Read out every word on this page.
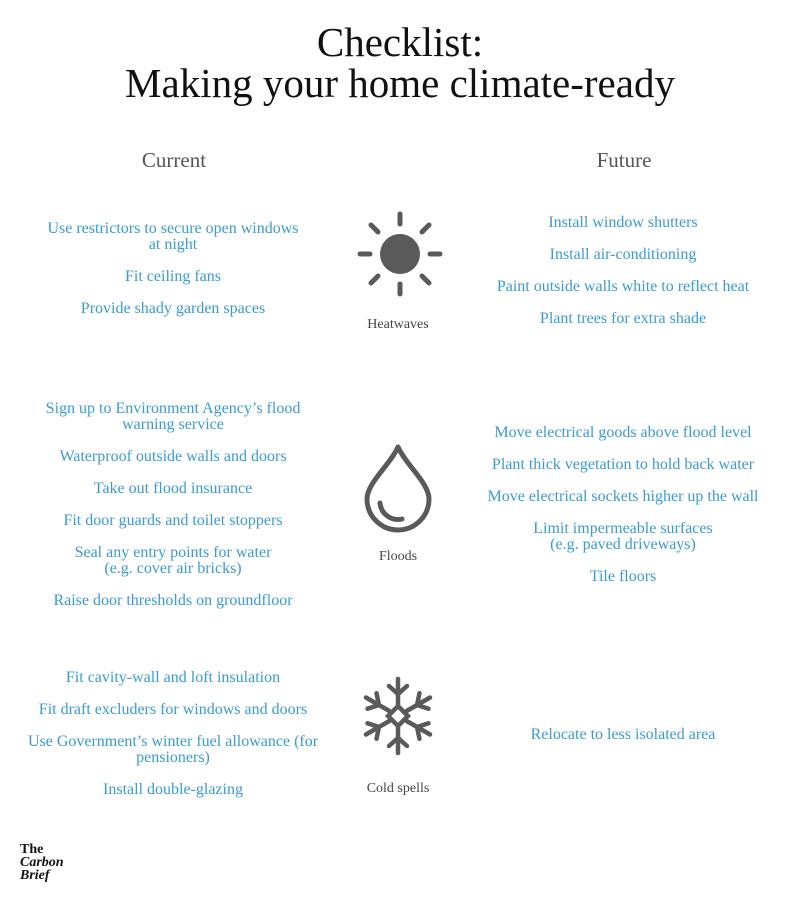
Checklist:
Making your home climate-ready
Current	Future
Use restrictors to secure open windows
at night
Fit ceiling fans
Provide shady garden spaces
Heatwaves
Install window shutters
Install air-conditioning
Paint outside walls white to reflect heat
Plant trees for extra shade
Sign up to Environment Agency’s flood
warning service
Waterproof outside walls and doors
Take out flood insurance
Fit door guards and toilet stoppers
Seal any entry points for water
(e.g. cover air bricks)
Raise door thresholds on groundfloor
Floods
Move electrical goods above flood level
Plant thick vegetation to hold back water
Move electrical sockets higher up the wall
Limit impermeable surfaces
(e.g. paved driveways)
Tile floors
Fit cavity-wall and loft insulation
Fit draft excluders for windows and doors
Use Government’s winter fuel allowance (for
pensioners)
Install double-glazing	Cold spells
Relocate to less isolated area
The
Carbon
Brief
